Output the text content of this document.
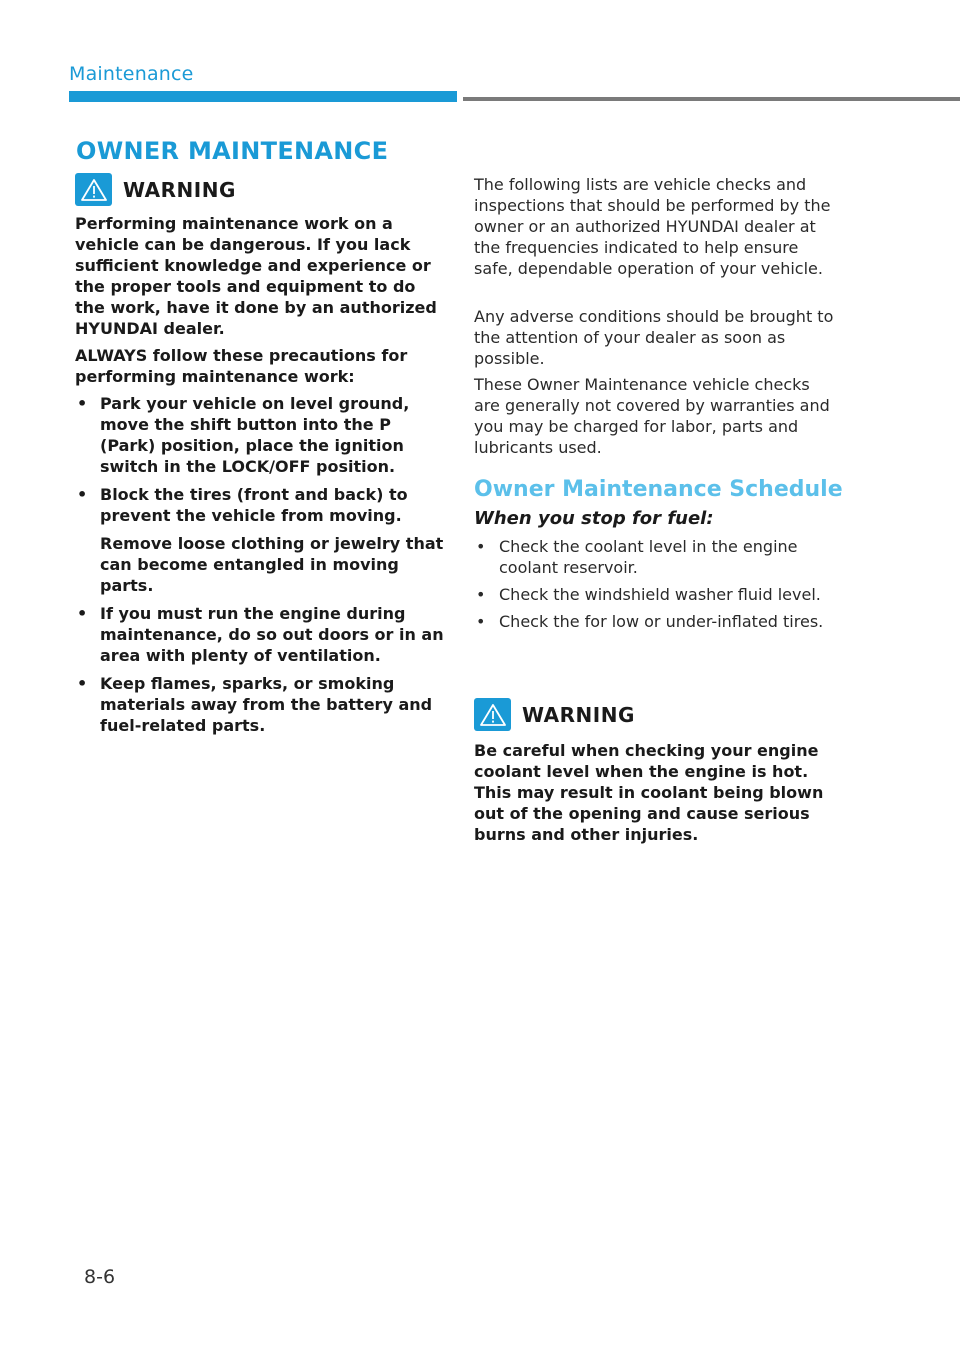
Maintenance
OWNER MAINTENANCE
WARNING

Performing maintenance work on a vehicle can be dangerous. If you lack sufficient knowledge and experience or the proper tools and equipment to do the work, have it done by an authorized HYUNDAI dealer.

ALWAYS follow these precautions for performing maintenance work:

• Park your vehicle on level ground, move the shift button into the P (Park) position, place the ignition switch in the LOCK/OFF position.
• Block the tires (front and back) to prevent the vehicle from moving.
Remove loose clothing or jewelry that can become entangled in moving parts.
• If you must run the engine during maintenance, do so out doors or in an area with plenty of ventilation.
• Keep flames, sparks, or smoking materials away from the battery and fuel-related parts.

The following lists are vehicle checks and inspections that should be performed by the owner or an authorized HYUNDAI dealer at the frequencies indicated to help ensure safe, dependable operation of your vehicle.

Any adverse conditions should be brought to the attention of your dealer as soon as possible.

These Owner Maintenance vehicle checks are generally not covered by warranties and you may be charged for labor, parts and lubricants used.

Owner Maintenance Schedule
When you stop for fuel:
• Check the coolant level in the engine coolant reservoir.
• Check the windshield washer fluid level.
• Check the for low or under-inflated tires.
WARNING

Be careful when checking your engine coolant level when the engine is hot. This may result in coolant being blown out of the opening and cause serious burns and other injuries.

8-6
